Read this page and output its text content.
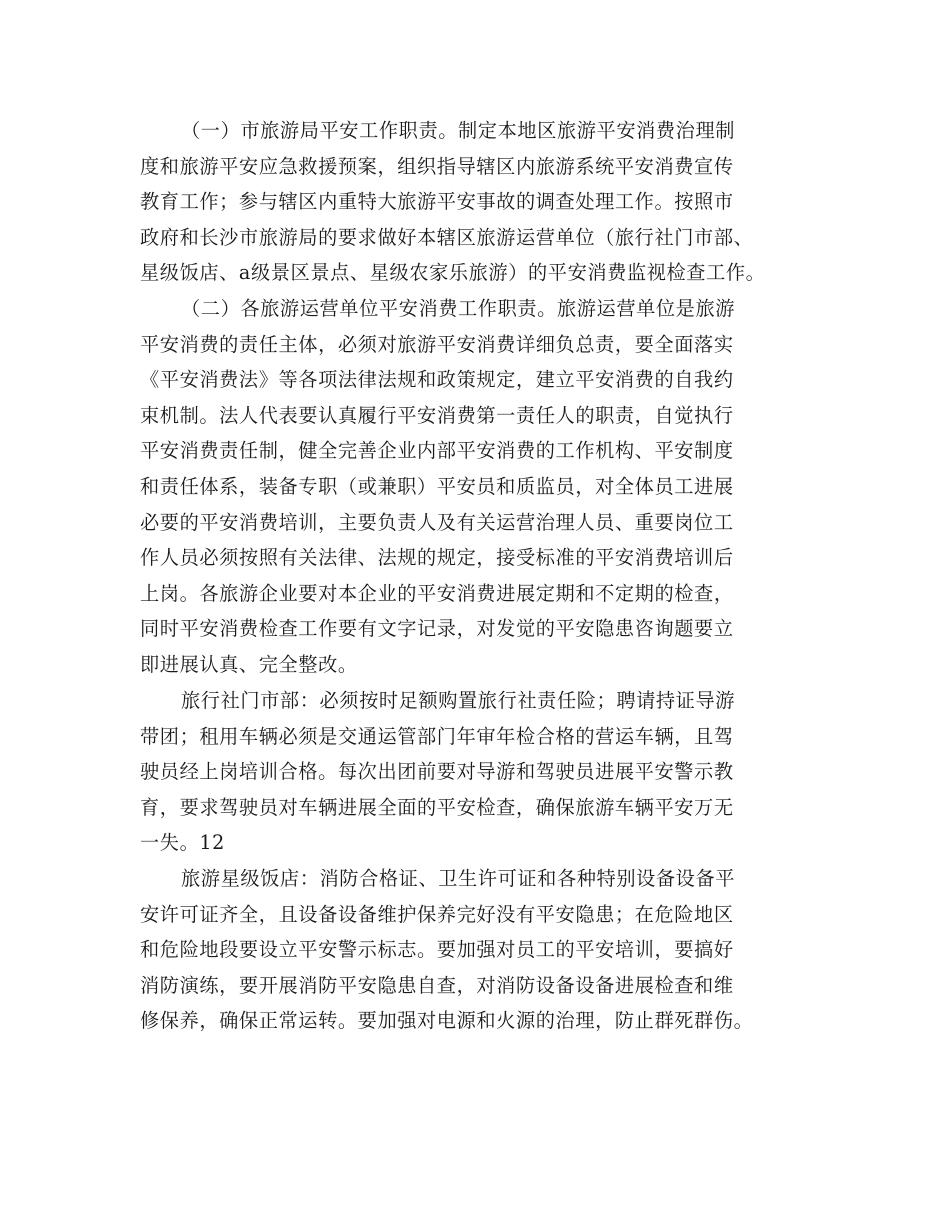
（一）市旅游局平安工作职责。制定本地区旅游平安消费治理制
度和旅游平安应急救援预案，组织指导辖区内旅游系统平安消费宣传
教育工作；参与辖区内重特大旅游平安事故的调查处理工作。按照市
政府和长沙市旅游局的要求做好本辖区旅游运营单位（旅行社门市部、
星级饭店、a级景区景点、星级农家乐旅游）的平安消费监视检查工作。
（二）各旅游运营单位平安消费工作职责。旅游运营单位是旅游
平安消费的责任主体，必须对旅游平安消费详细负总责，要全面落实
《平安消费法》等各项法律法规和政策规定，建立平安消费的自我约
束机制。法人代表要认真履行平安消费第一责任人的职责，自觉执行
平安消费责任制，健全完善企业内部平安消费的工作机构、平安制度
和责任体系，装备专职（或兼职）平安员和质监员，对全体员工进展
必要的平安消费培训，主要负责人及有关运营治理人员、重要岗位工
作人员必须按照有关法律、法规的规定，接受标准的平安消费培训后
上岗。各旅游企业要对本企业的平安消费进展定期和不定期的检查，
同时平安消费检查工作要有文字记录，对发觉的平安隐患咨询题要立
即进展认真、完全整改。
旅行社门市部：必须按时足额购置旅行社责任险；聘请持证导游
带团；租用车辆必须是交通运管部门年审年检合格的营运车辆，且驾
驶员经上岗培训合格。每次出团前要对导游和驾驶员进展平安警示教
育，要求驾驶员对车辆进展全面的平安检查，确保旅游车辆平安万无
一失。12
旅游星级饭店：消防合格证、卫生许可证和各种特别设备设备平
安许可证齐全，且设备设备维护保养完好没有平安隐患；在危险地区
和危险地段要设立平安警示标志。要加强对员工的平安培训，要搞好
消防演练，要开展消防平安隐患自查，对消防设备设备进展检查和维
修保养，确保正常运转。要加强对电源和火源的治理，防止群死群伤。
